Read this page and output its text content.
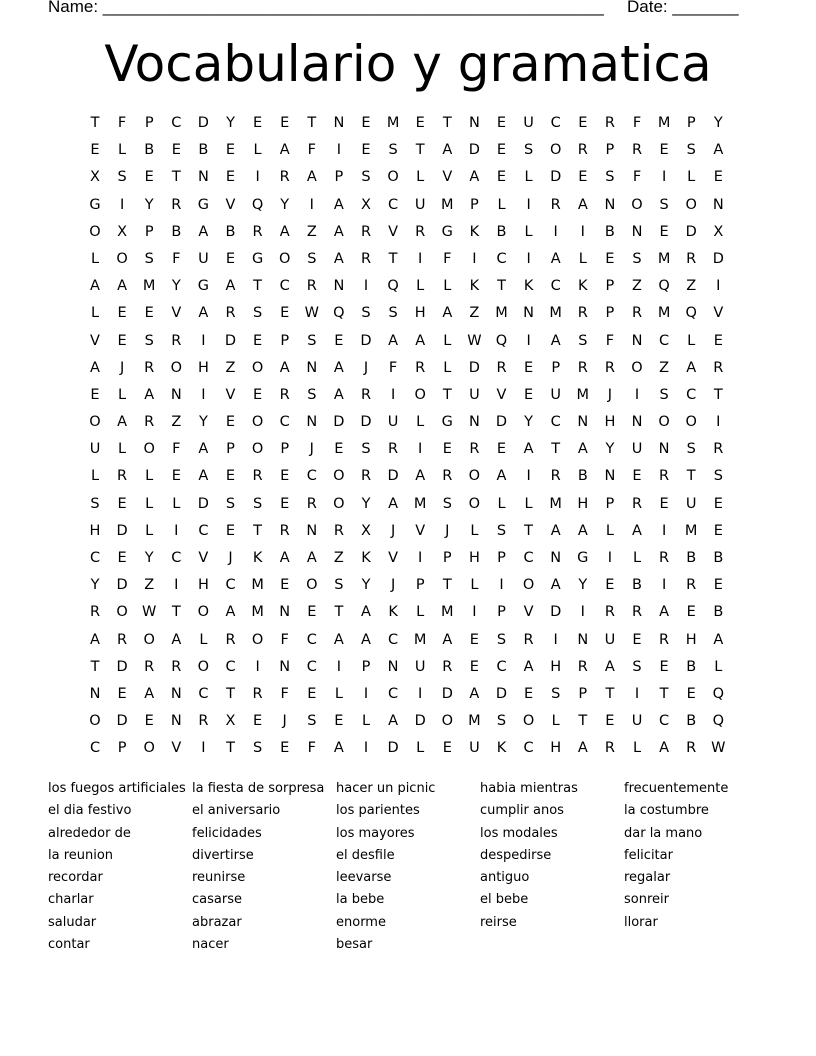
Name: _____________________________________________________ Date: _______
Vocabulario y gramatica
T	F	P	C	D	Y	E	E	T	N	E	M	E	T	N	E	U	C	E	R	F	M	P	Y
E	L	B	E	B	E	L	A	F	I	E	S	T	A	D	E	S	O	R	P	R	E	S	A
X	S	E	T	N	E	I	R	A	P	S	O	L	V	A	E	L	D	E	S	F	I	L	E
G	I	Y	R	G	V	Q	Y	I	A	X	C	U	M	P	L	I	R	A	N	O	S	O	N
O	X	P	B	A	B	R	A	Z	A	R	V	R	G	K	B	L	I	I	B	N	E	D	X
L	O	S	F	U	E	G	O	S	A	R	T	I	F	I	C	I	A	L	E	S	M	R	D
A	A	M	Y	G	A	T	C	R	N	I	Q	L	L	K	T	K	C	K	P	Z	Q	Z	I
L	E	E	V	A	R	S	E	W Q	S	S	H	A	Z	M	N	M	R	P	R	M Q	V
V	E	S	R	I	D	E	P	S	E	D	A	A	L	W Q	I	A	S	F	N	C	L	E
A	J	R	O	H	Z	O	A	N	A	J	F	R	L	D	R	E	P	R	R	O	Z	A	R
E	L	A	N	I	V	E	R	S	A	R	I	O	T	U	V	E	U	M	J	I	S	C	T
O	A	R	Z	Y	E	O	C	N	D	D	U	L	G	N	D	Y	C	N	H	N	O O	I
U	L	O	F	A	P	O	P	J	E	S	R	I	E	R	E	A	T	A	Y	U	N	S	R
L	R	L	E	A	E	R	E	C	O	R	D	A	R	O	A	I	R	B	N	E	R	T	S
S	E	L	L	D	S	S	E	R	O	Y	A	M	S	O	L	L	M	H	P	R	E	U	E
H	D	L	I	C	E	T	R	N	R	X	J	V	J	L	S	T	A	A	L	A	I	M	E
C	E	Y	C	V	J	K	A	A	Z	K	V	I	P	H	P	C	N	G	I	L	R	B	B
Y	D	Z	I	H	C	M	E	O	S	Y	J	P	T	L	I	O	A	Y	E	B	I	R	E
R	O W	T	O	A	M	N	E	T	A	K	L	M	I	P	V	D	I	R	R	A	E	B
A	R	O	A	L	R	O	F	C	A	A	C	M	A	E	S	R	I	N	U	E	R	H	A
T	D	R	R	O	C	I	N	C	I	P	N	U	R	E	C	A	H	R	A	S	E	B	L
N	E	A	N	C	T	R	F	E	L	I	C	I	D	A	D	E	S	P	T	I	T	E	Q
O	D	E	N	R	X	E	J	S	E	L	A	D	O M	S	O	L	T	E	U	C	B	Q
C	P	O	V	I	T	S	E	F	A	I	D	L	E	U	K	C	H	A	R	L	A	R	W
los fuegos artificiales
el dia festivo
alrededor de
la reunion
recordar
charlar
saludar
contar
la fiesta de sorpresa
el aniversario
felicidades
divertirse
reunirse
casarse
abrazar
nacer
hacer un picnic
los parientes
los mayores
el desfile
leevarse
la bebe
enorme
besar
habia mientras
cumplir anos
los modales
despedirse
antiguo
el bebe
reirse
frecuentemente
la costumbre
dar la mano
felicitar
regalar
sonreir
llorar
